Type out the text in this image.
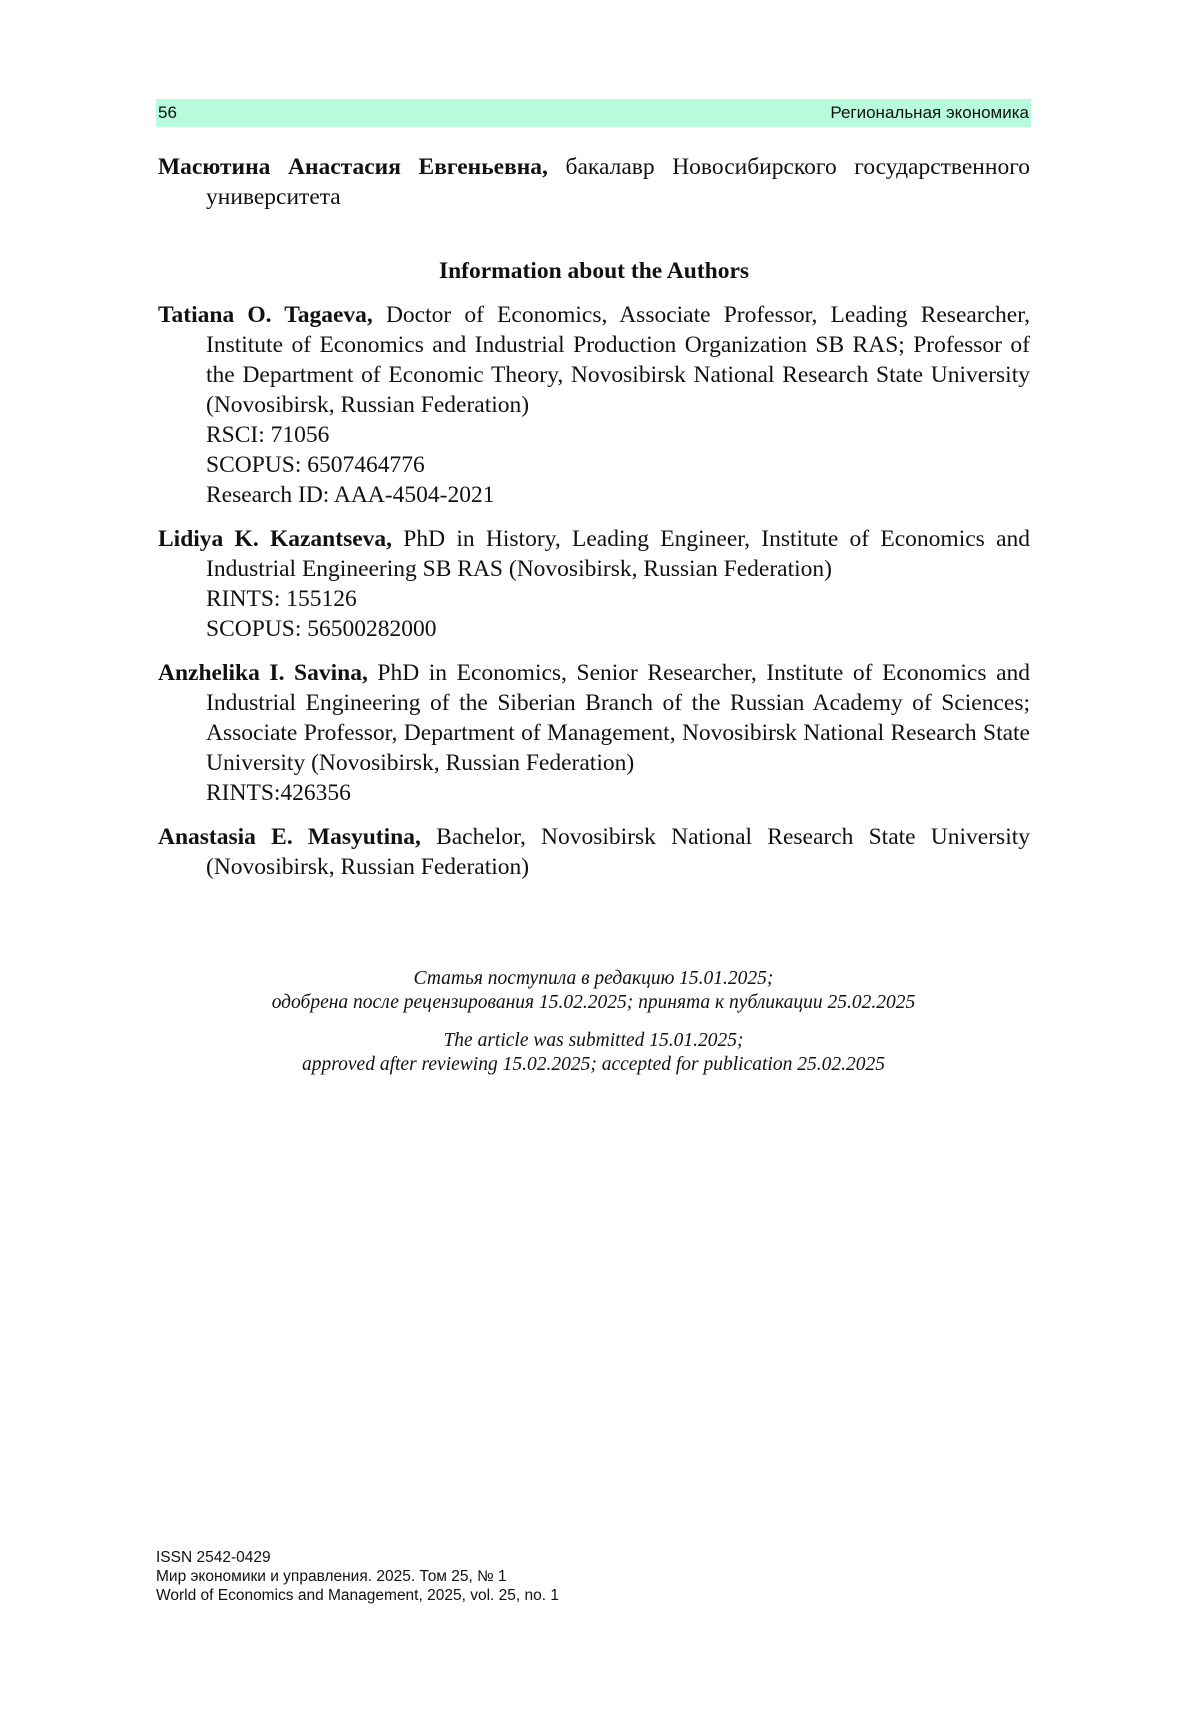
56	Региональная экономика

Масютина Анастасия Евгеньевна, бакалавр Новосибирского государственного университета

Information about the Authors

Tatiana O. Tagaeva, Doctor of Economics, Associate Professor, Leading Researcher, Institute of Economics and Industrial Production Organization SB RAS; Professor of the Department of Economic Theory, Novosibirsk National Research State University (Novosibirsk, Russian Federation)
RSCI: 71056
SCOPUS: 6507464776
Research ID: AAA-4504-2021

Lidiya K. Kazantseva, PhD in History, Leading Engineer, Institute of Economics and Industrial Engineering SB RAS (Novosibirsk, Russian Federation)
RINTS: 155126
SCOPUS: 56500282000

Anzhelika I. Savina, PhD in Economics, Senior Researcher, Institute of Economics and Industrial Engineering of the Siberian Branch of the Russian Academy of Sciences; Associate Professor, Department of Management, Novosibirsk National Research State University (Novosibirsk, Russian Federation)
RINTS:426356

Anastasia E. Masyutina, Bachelor, Novosibirsk National Research State University (Novosibirsk, Russian Federation)

Статья поступила в редакцию 15.01.2025;
одобрена после рецензирования 15.02.2025; принята к публикации 25.02.2025
The article was submitted 15.01.2025;
approved after reviewing 15.02.2025; accepted for publication 25.02.2025
ISSN 2542-0429
Мир экономики и управления. 2025. Том 25, № 1
World of Economics and Management, 2025, vol. 25, no. 1
